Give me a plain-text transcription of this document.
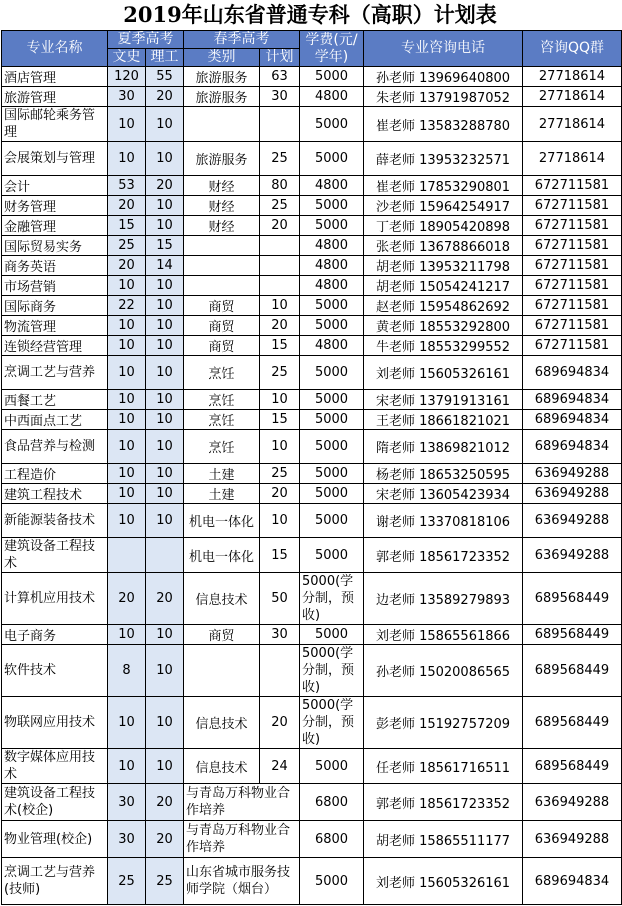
2019年山东省普通专科（高职）计划表
专业名称	夏季高考		春季高考		学费(元/学年)	专业咨询电话	咨询QQ群
	文史	理工	类别	计划			
酒店管理	120	55	旅游服务	63	5000	孙老师 13969640800	27718614
旅游管理	30	20	旅游服务	30	4800	朱老师 13791987052	27718614
国际邮轮乘务管理	10	10			5000	崔老师 13583288780	27718614
会展策划与管理	10	10	旅游服务	25	5000	薛老师 13953232571	27718614
会计	53	20	财经	80	4800	崔老师 17853290801	672711581
财务管理	20	10	财经	25	5000	沙老师 15964254917	672711581
金融管理	15	10	财经	20	5000	丁老师 18905420898	672711581
国际贸易实务	25	15			4800	张老师 13678866018	672711581
商务英语	20	14			4800	胡老师 13953211798	672711581
市场营销	10	10			4800	胡老师 15054241217	672711581
国际商务	22	10	商贸	10	5000	赵老师 15954862692	672711581
物流管理	10	10	商贸	20	5000	黄老师 18553292800	672711581
连锁经营管理	10	10	商贸	15	4800	牛老师 18553299552	672711581
烹调工艺与营养	10	10	烹饪	25	5000	刘老师 15605326161	689694834
西餐工艺	10	10	烹饪	10	5000	宋老师 13791913161	689694834
中西面点工艺	10	10	烹饪	15	5000	王老师 18661821021	689694834
食品营养与检测	10	10	烹饪	10	5000	隋老师 13869821012	689694834
工程造价	10	10	土建	25	5000	杨老师 18653250595	636949288
建筑工程技术	10	10	土建	20	5000	宋老师 13605423934	636949288
新能源装备技术	10	10	机电一体化	10	5000	谢老师 13370818106	636949288
建筑设备工程技术			机电一体化	15	5000	郭老师 18561723352	636949288
计算机应用技术	20	20	信息技术	50	5000(学分制，预收)	边老师 13589279893	689568449
电子商务	10	10	商贸	30	5000	刘老师 15865561866	689568449
软件技术	8	10			5000(学分制，预收)	孙老师 15020086565	689568449
物联网应用技术	10	10	信息技术	20	5000(学分制，预收)	彭老师 15192757209	689568449
数字媒体应用技术	10	10	信息技术	24	5000	任老师 18561716511	689568449
建筑设备工程技术(校企)	30	20	与青岛万科物业合作培养		6800	郭老师 18561723352	636949288
物业管理(校企)	30	20	与青岛万科物业合作培养		6800	胡老师 15865511177	636949288
烹调工艺与营养(技师)	25	25	山东省城市服务技师学院（烟台）		5000	刘老师 15605326161	689694834
